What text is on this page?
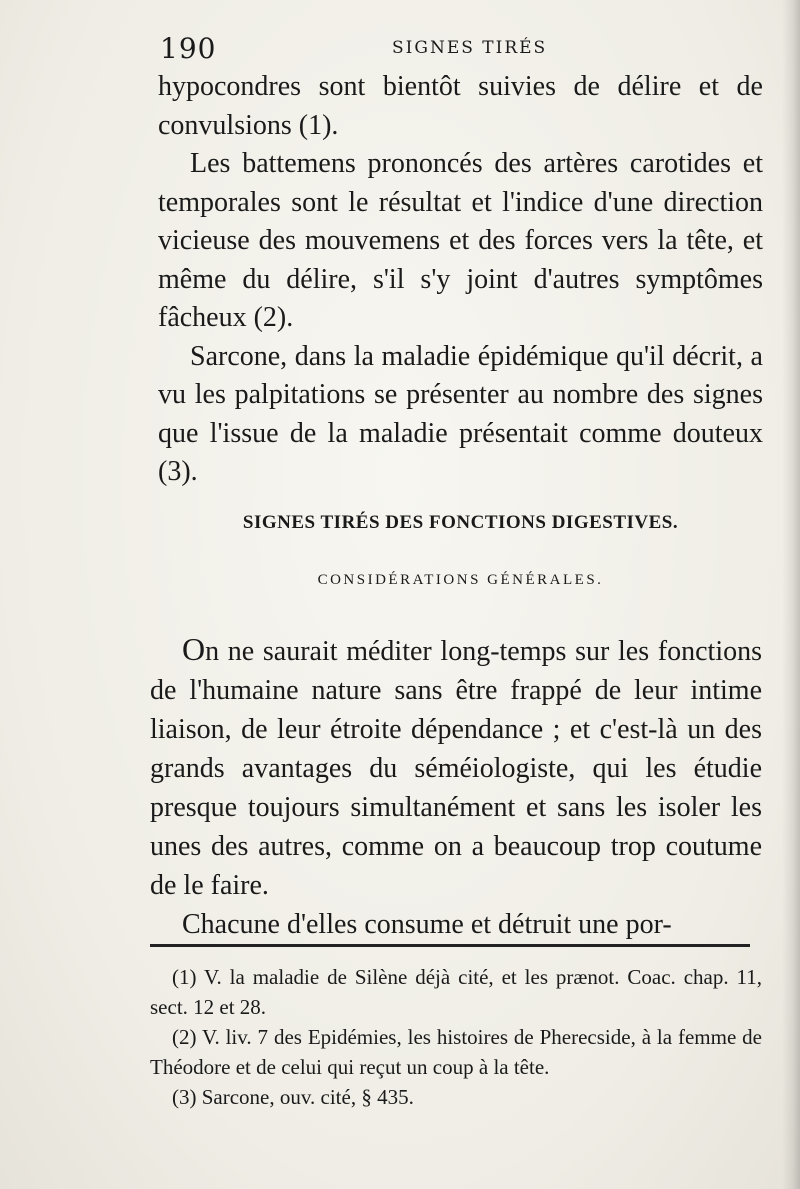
190	SIGNES TIRÉS

hypocondres sont bientôt suivies de délire et de convulsions (1).

Les battemens prononcés des artères carotides et temporales sont le résultat et l'indice d'une direction vicieuse des mouvemens et des forces vers la tête, et même du délire, s'il s'y joint d'autres symptômes fâcheux (2).

Sarcone, dans la maladie épidémique qu'il décrit, a vu les palpitations se présenter au nombre des signes que l'issue de la maladie présentait comme douteux (3).

SIGNES TIRÉS DES FONCTIONS DIGESTIVES.
CONSIDÉRATIONS GÉNÉRALES.

On ne saurait méditer long-temps sur les fonctions de l'humaine nature sans être frappé de leur intime liaison, de leur étroite dépendance ; et c'est-là un des grands avantages du séméiologiste, qui les étudie presque toujours simultanément et sans les isoler les unes des autres, comme on a beaucoup trop coutume de le faire.

Chacune d'elles consume et détruit une por-

(1) V. la maladie de Silène déjà cité, et les prænot. Coac. chap. 11, sect. 12 et 28.

(2) V. liv. 7 des Epidémies, les histoires de Pherecside, à la femme de Théodore et de celui qui reçut un coup à la tête.

(3) Sarcone, ouv. cité, § 435.
